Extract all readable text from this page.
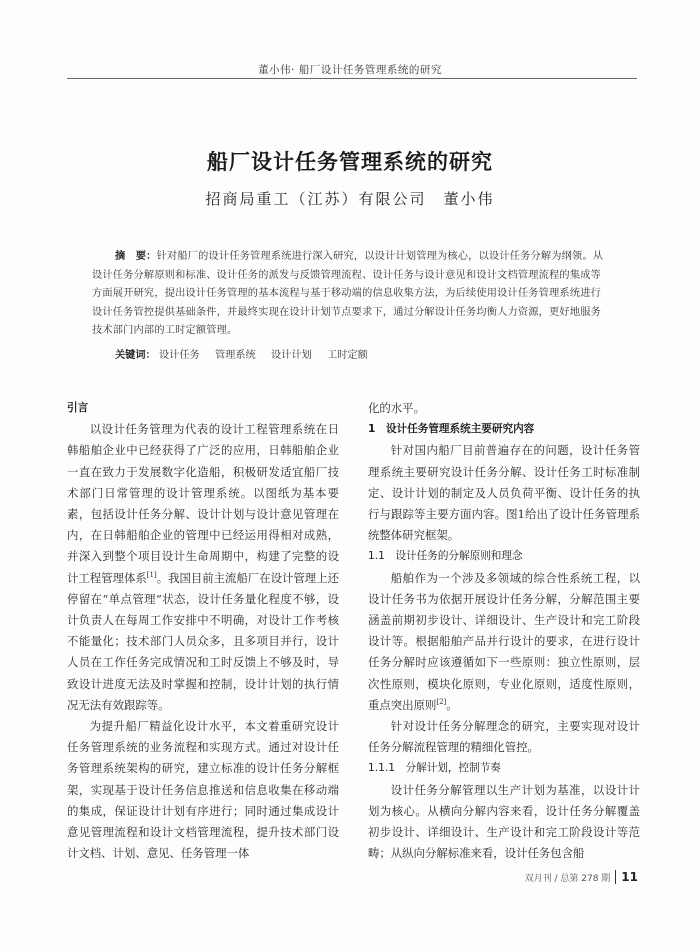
董小伟· 船厂设计任务管理系统的研究
船厂设计任务管理系统的研究
招商局重工（江苏）有限公司　董小伟
摘　要：针对船厂的设计任务管理系统进行深入研究，以设计计划管理为核心，以设计任务分解为纲领。从设计任务分解原则和标准、设计任务的派发与反馈管理流程、设计任务与设计意见和设计文档管理流程的集成等方面展开研究，提出设计任务管理的基本流程与基于移动端的信息收集方法，为后续使用设计任务管理系统进行设计任务管控提供基础条件，并最终实现在设计计划节点要求下，通过分解设计任务均衡人力资源，更好地服务技术部门内部的工时定额管理。
关键词： 设计任务 管理系统 设计计划 工时定额

引言

以设计任务管理为代表的设计工程管理系统在日韩船舶企业中已经获得了广泛的应用，日韩船舶企业一直在致力于发展数字化造船，积极研发适宜船厂技术部门日常管理的设计管理系统。以图纸为基本要素，包括设计任务分解、设计计划与设计意见管理在内，在日韩船舶企业的管理中已经运用得相对成熟，并深入到整个项目设计生命周期中，构建了完整的设计工程管理体系[1]。我国目前主流船厂在设计管理上还停留在“单点管理”状态，设计任务量化程度不够，设计负责人在每周工作安排中不明确，对设计工作考核不能量化；技术部门人员众多，且多项目并行，设计人员在工作任务完成情况和工时反馈上不够及时，导致设计进度无法及时掌握和控制，设计计划的执行情况无法有效跟踪等。

为提升船厂精益化设计水平，本文着重研究设计任务管理系统的业务流程和实现方式。通过对设计任务管理系统架构的研究，建立标准的设计任务分解框架，实现基于设计任务信息推送和信息收集在移动端的集成，保证设计计划有序进行；同时通过集成设计意见管理流程和设计文档管理流程，提升技术部门设计文档、计划、意见、任务管理一体

化的水平。

1　设计任务管理系统主要研究内容

针对国内船厂目前普遍存在的问题，设计任务管理系统主要研究设计任务分解、设计任务工时标准制定、设计计划的制定及人员负荷平衡、设计任务的执行与跟踪等主要方面内容。图1给出了设计任务管理系统整体研究框架。

1.1　设计任务的分解原则和理念

船舶作为一个涉及多领域的综合性系统工程，以设计任务书为依据开展设计任务分解，分解范围主要涵盖前期初步设计、详细设计、生产设计和完工阶段设计等。根据船舶产品并行设计的要求，在进行设计任务分解时应该遵循如下一些原则：独立性原则，层次性原则，模块化原则，专业化原则，适度性原则，重点突出原则[2]。

针对设计任务分解理念的研究，主要实现对设计任务分解流程管理的精细化管控。

1.1.1　分解计划，控制节奏

设计任务分解管理以生产计划为基准，以设计计划为核心。从横向分解内容来看，设计任务分解覆盖初步设计、详细设计、生产设计和完工阶段设计等范畴；从纵向分解标准来看，设计任务包含船

双月刊 / 总第 278 期 11
